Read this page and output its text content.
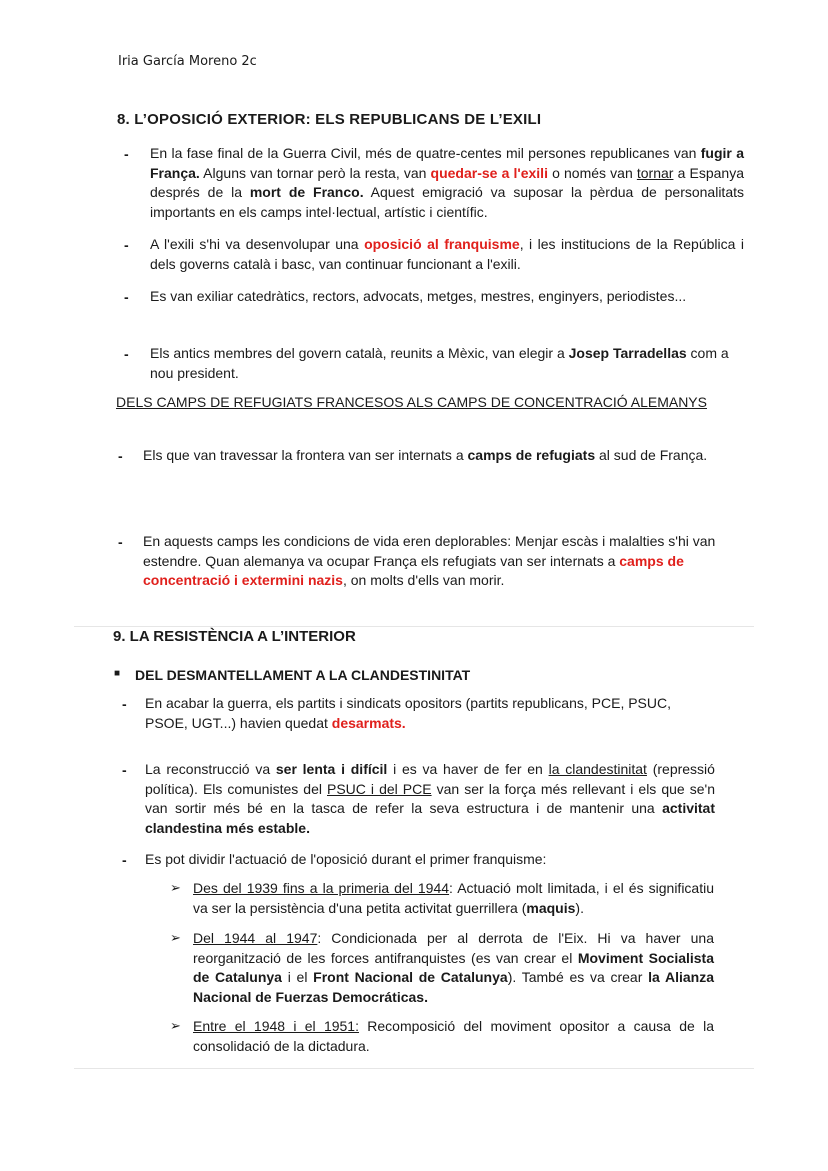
Iria García Moreno 2c
8. L’OPOSICIÓ EXTERIOR: ELS REPUBLICANS DE L’EXILI
- En la fase final de la Guerra Civil, més de quatre-centes mil persones republicanes van fugir a França. Alguns van tornar però la resta, van quedar-se a l'exili o només van tornar a Espanya després de la mort de Franco. Aquest emigració va suposar la pèrdua de personalitats importants en els camps intel·lectual, artístic i científic.
- A l'exili s'hi va desenvolupar una oposició al franquisme, i les institucions de la República i dels governs català i basc, van continuar funcionant a l'exili.
- Es van exiliar catedràtics, rectors, advocats, metges, mestres, enginyers, periodistes...
- Els antics membres del govern català, reunits a Mèxic, van elegir a Josep Tarradellas com a nou president.
DELS CAMPS DE REFUGIATS FRANCESOS ALS CAMPS DE CONCENTRACIÓ ALEMANYS
- Els que van travessar la frontera van ser internats a camps de refugiats al sud de França.
- En aquests camps les condicions de vida eren deplorables: Menjar escàs i malalties s'hi van estendre. Quan alemanya va ocupar França els refugiats van ser internats a camps de concentració i extermini nazis, on molts d'ells van morir.
9. LA RESISTÈNCIA A L’INTERIOR
■ DEL DESMANTELLAMENT A LA CLANDESTINITAT
- En acabar la guerra, els partits i sindicats opositors (partits republicans, PCE, PSUC, PSOE, UGT...) havien quedat desarmats.
- La reconstrucció va ser lenta i difícil i es va haver de fer en la clandestinitat (repressió política). Els comunistes del PSUC i del PCE van ser la força més rellevant i els que se'n van sortir més bé en la tasca de refer la seva estructura i de mantenir una activitat clandestina més estable.
- Es pot dividir l'actuació de l'oposició durant el primer franquisme:
➢ Des del 1939 fins a la primeria del 1944: Actuació molt limitada, i el és significatiu va ser la persistència d'una petita activitat guerrillera (maquis).
➢ Del 1944 al 1947: Condicionada per al derrota de l'Eix. Hi va haver una reorganització de les forces antifranquistes (es van crear el Moviment Socialista de Catalunya i el Front Nacional de Catalunya). També es va crear la Alianza Nacional de Fuerzas Democráticas.
➢ Entre el 1948 i el 1951: Recomposició del moviment opositor a causa de la consolidació de la dictadura.
